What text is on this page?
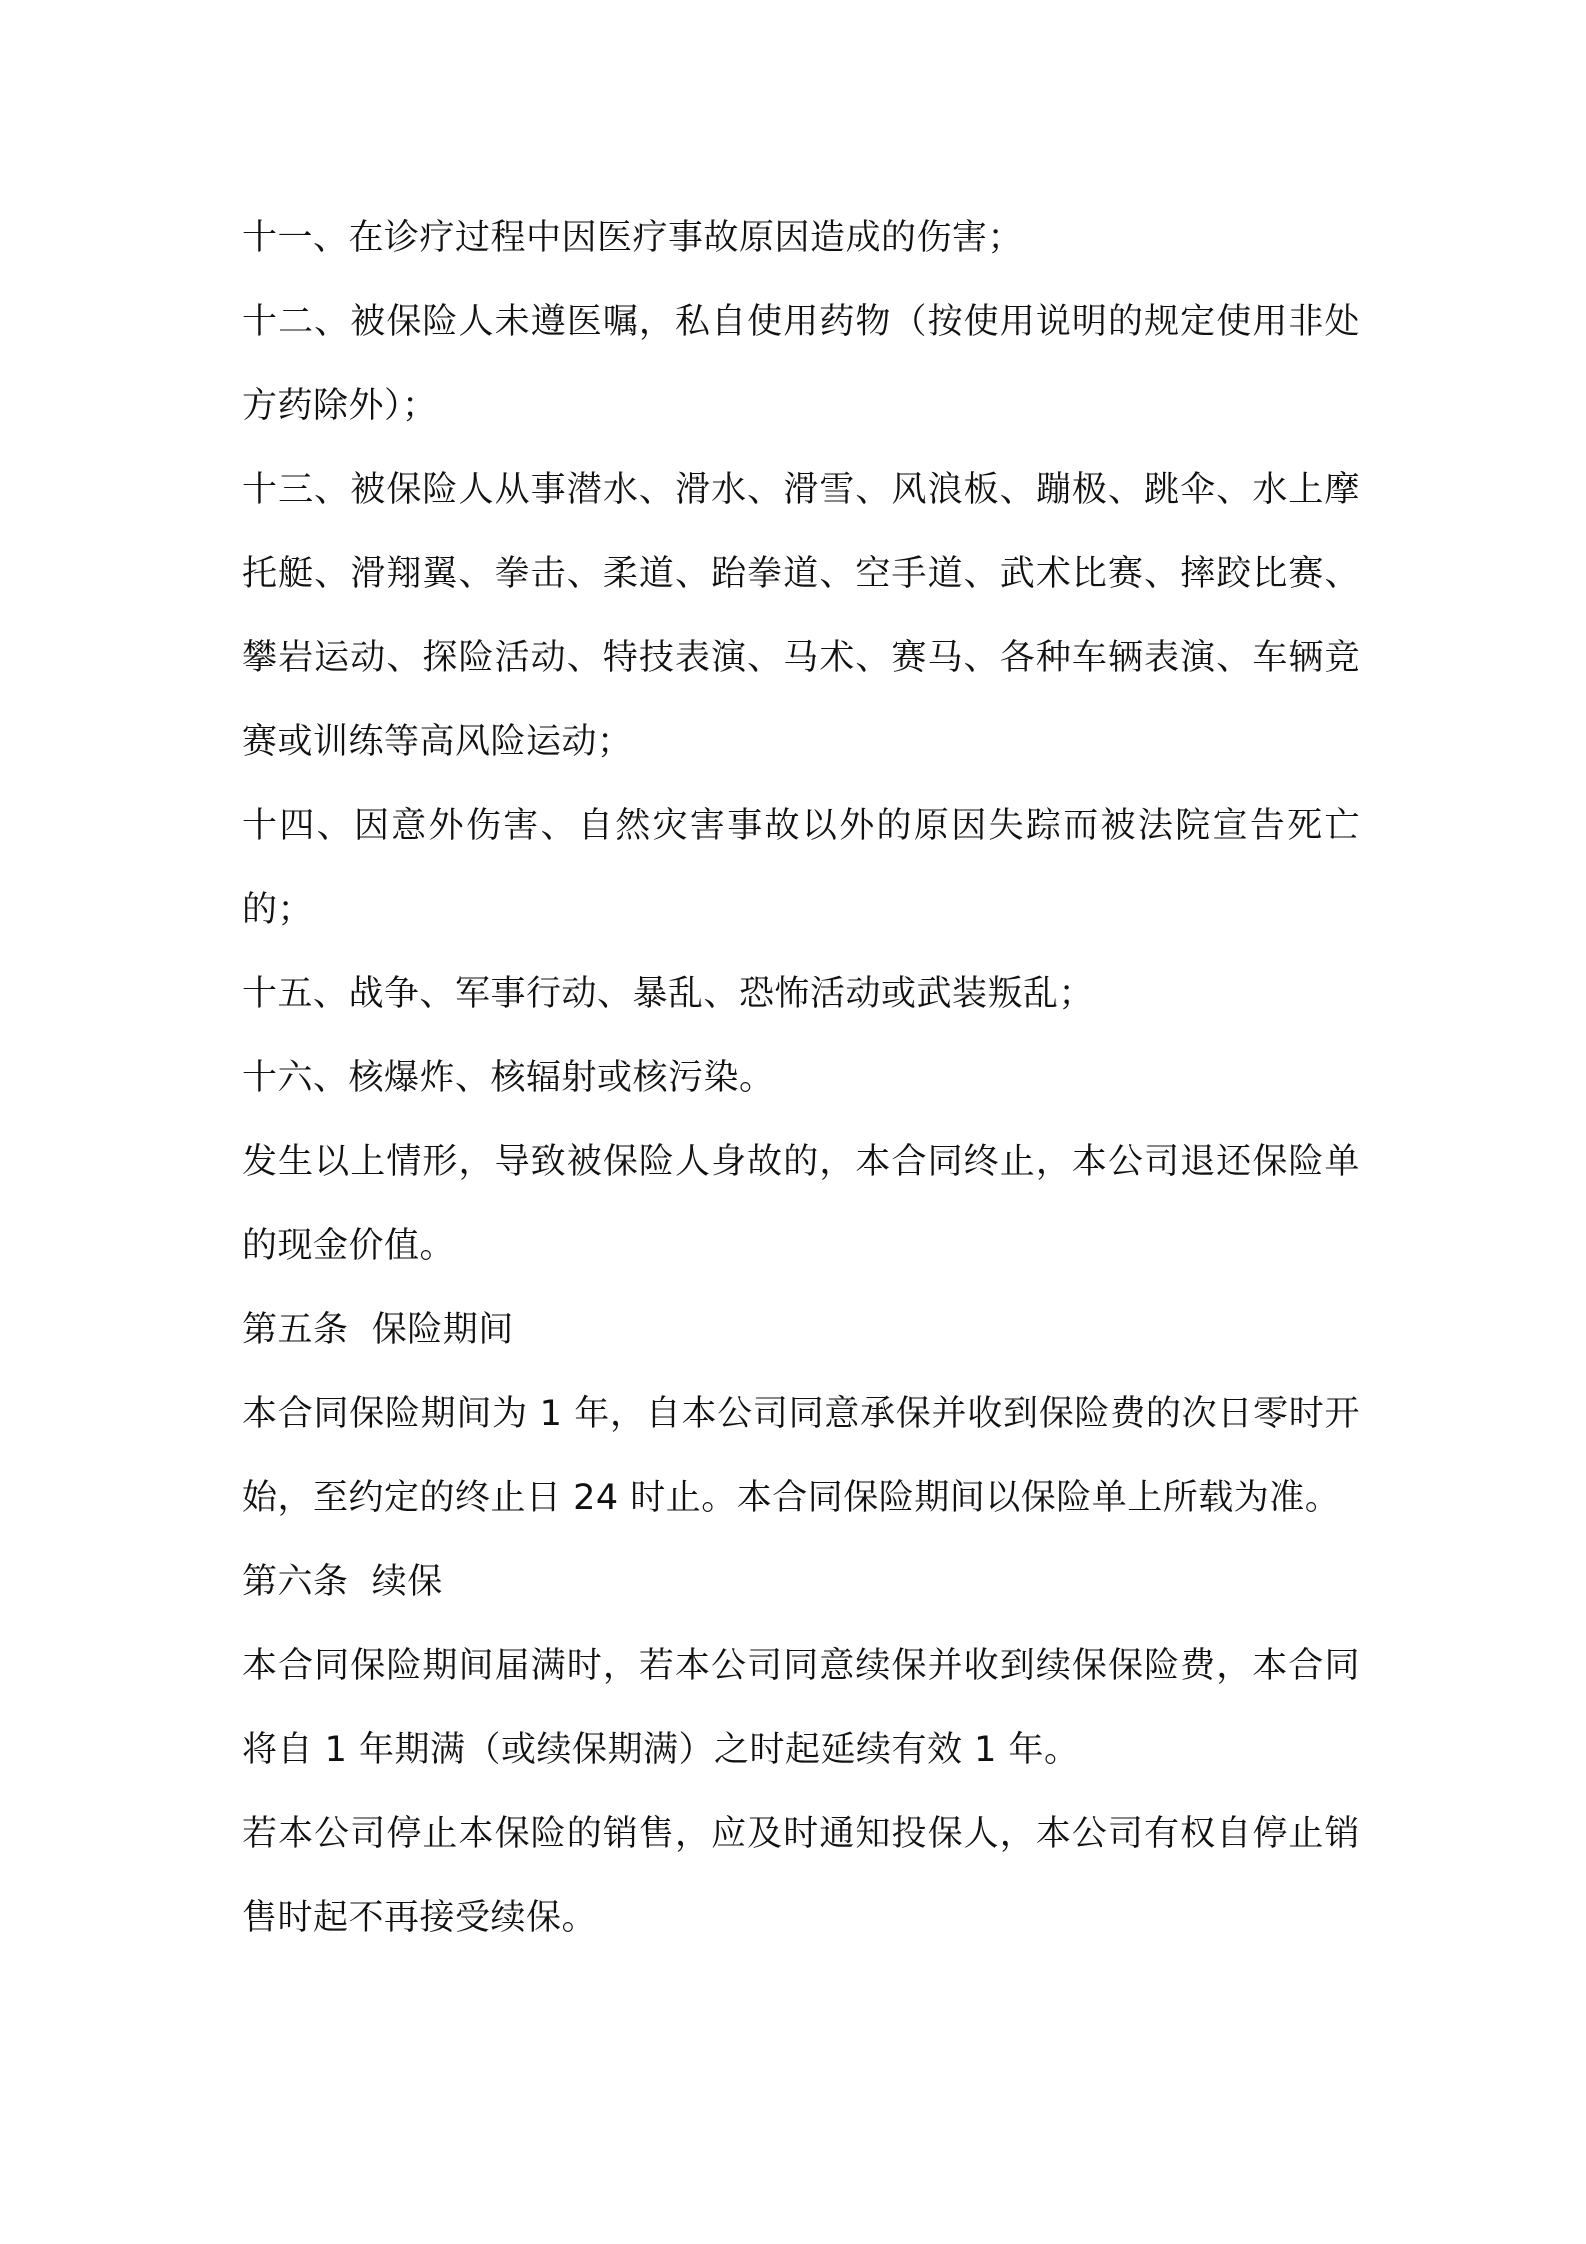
十一、在诊疗过程中因医疗事故原因造成的伤害；

十二、被保险人未遵医嘱，私自使用药物（按使用说明的规定使用非处方药除外）；

十三、被保险人从事潜水、滑水、滑雪、风浪板、蹦极、跳伞、水上摩托艇、滑翔翼、拳击、柔道、跆拳道、空手道、武术比赛、摔跤比赛、攀岩运动、探险活动、特技表演、马术、赛马、各种车辆表演、车辆竞赛或训练等高风险运动；

十四、因意外伤害、自然灾害事故以外的原因失踪而被法院宣告死亡的；

十五、战争、军事行动、暴乱、恐怖活动或武装叛乱；

十六、核爆炸、核辐射或核污染。

发生以上情形，导致被保险人身故的，本合同终止，本公司退还保险单的现金价值。

第五条  保险期间

本合同保险期间为 1 年，自本公司同意承保并收到保险费的次日零时开始，至约定的终止日 24 时止。本合同保险期间以保险单上所载为准。

第六条  续保

本合同保险期间届满时，若本公司同意续保并收到续保保险费，本合同将自 1 年期满（或续保期满）之时起延续有效 1 年。

若本公司停止本保险的销售，应及时通知投保人，本公司有权自停止销售时起不再接受续保。
